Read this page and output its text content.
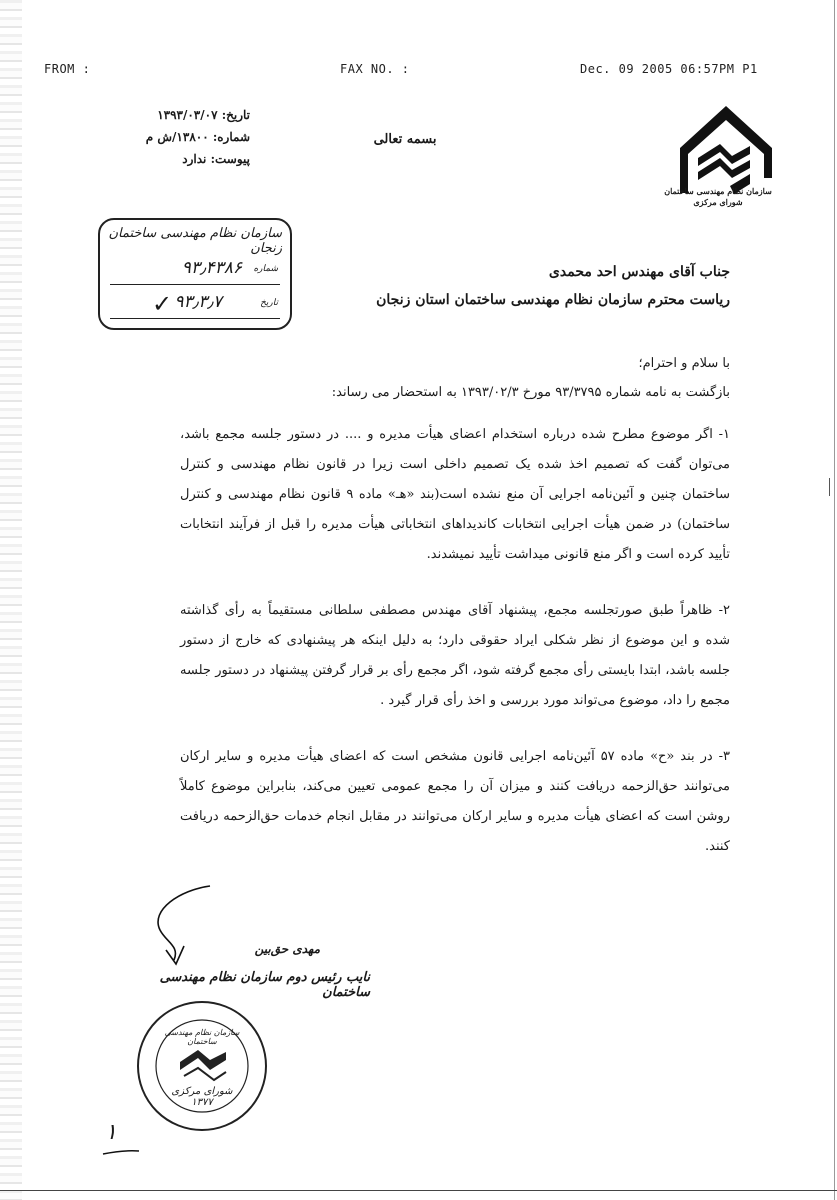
FROM :	FAX NO. :	Dec. 09 2005 06:57PM P1
تاریخ: ۱۳۹۳/۰۳/۰۷
شماره: ۱۳۸۰۰/ش م
پیوست: ندارد
بسمه تعالی
سازمان نظام مهندسی ساختمان
شورای مرکزی
سازمان نظام مهندسی ساختمان زنجان
شماره
۹۳٫۴۳۸۶
تاریخ
۹۳٫۳٫۷
✓
جناب آقای مهندس احد محمدی
ریاست محترم سازمان نظام مهندسی ساختمان استان زنجان
با سلام و احترام؛
بازگشت به نامه شماره ۹۳/۳۷۹۵ مورخ ۱۳۹۳/۰۲/۳ به استحضار می رساند:
۱- اگر موضوع مطرح شده درباره استخدام اعضای هیأت مدیره و .... در دستور جلسه مجمع باشد، می‌توان گفت که تصمیم اخذ شده یک تصمیم داخلی است زیرا در قانون نظام مهندسی و کنترل ساختمان چنین و آئین‌نامه اجرایی آن منع نشده است(بند «هـ» ماده ۹ قانون نظام مهندسی و کنترل ساختمان) در ضمن هیأت اجرایی انتخابات کاندیداهای انتخاباتی هیأت مدیره را قبل از فرآیند انتخابات تأیید کرده است و اگر منع قانونی میداشت تأیید نمیشدند.
۲- ظاهراً طبق صورتجلسه مجمع، پیشنهاد آقای مهندس مصطفی سلطانی مستقیماً به رأی گذاشته شده و این موضوع از نظر شکلی ایراد حقوقی دارد؛ به دلیل اینکه هر پیشنهادی که خارج از دستور جلسه باشد، ابتدا بایستی رأی مجمع گرفته شود، اگر مجمع رأی بر قرار گرفتن پیشنهاد در دستور جلسه مجمع را داد، موضوع می‌تواند مورد بررسی و اخذ رأی قرار گیرد .
۳- در بند «ح» ماده ۵۷ آئین‌نامه اجرایی قانون مشخص است که اعضای هیأت مدیره و سایر ارکان می‌توانند حق‌الزحمه دریافت کنند و میزان آن را مجمع عمومی تعیین می‌کند، بنابراین موضوع کاملاً روشن است که اعضای هیأت مدیره و سایر ارکان می‌توانند در مقابل انجام خدمات حق‌الزحمه دریافت کنند.
مهدی حق‌بین
نایب رئیس دوم سازمان نظام مهندسی ساختمان
سازمان نظام مهندسی ساختمان
شورای مرکزی
۱۳۷۷
۱
